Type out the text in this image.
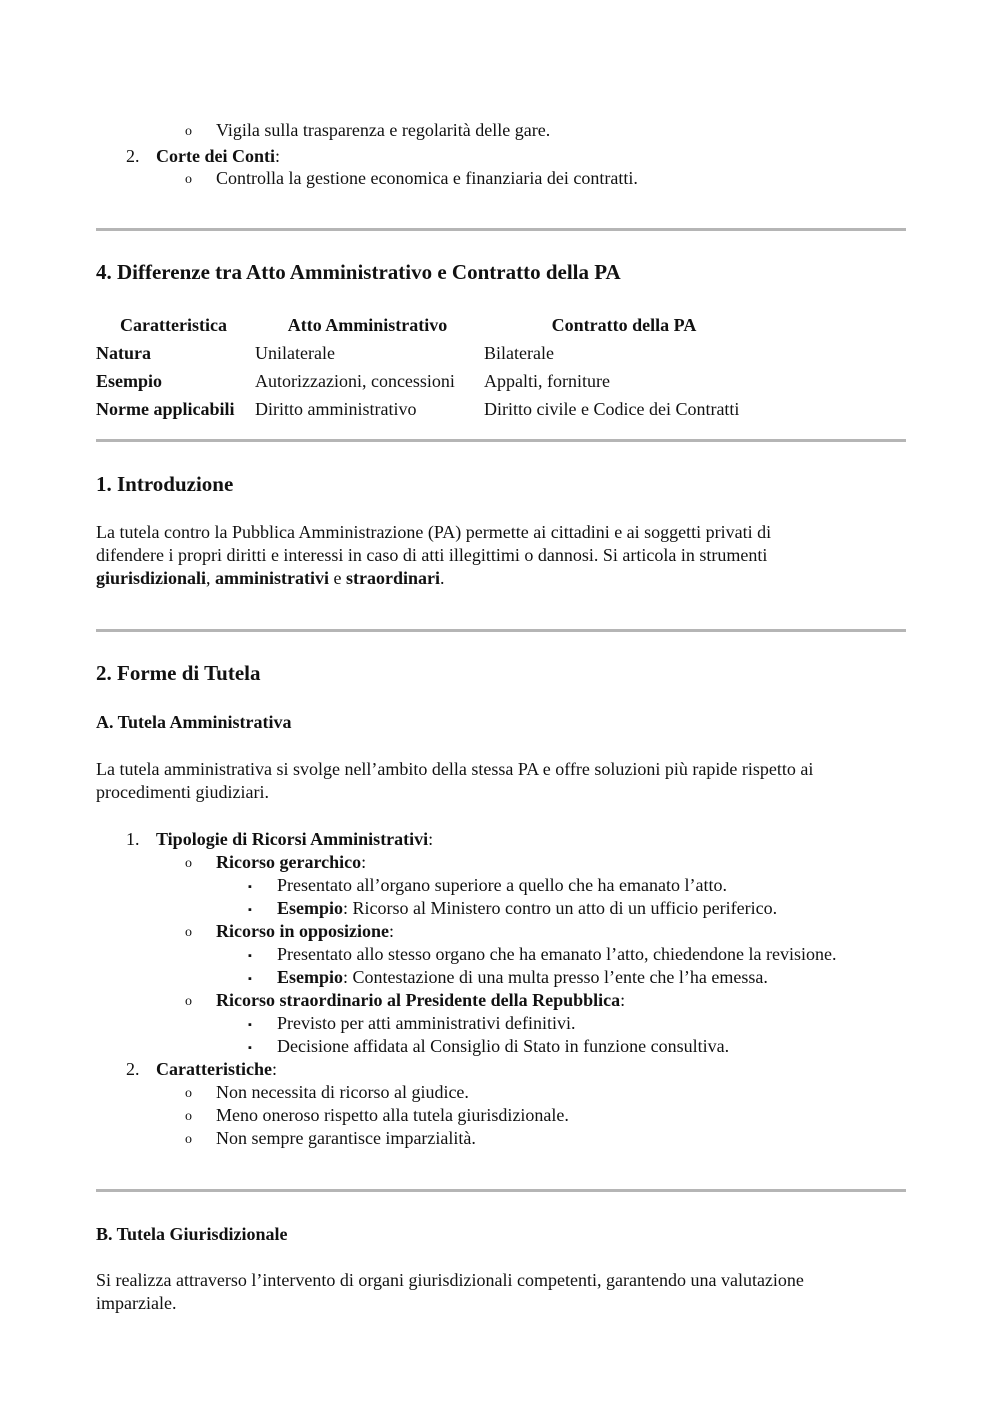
o Vigila sulla trasparenza e regolarità delle gare.
2. Corte dei Conti:
o Controlla la gestione economica e finanziaria dei contratti.
4. Differenze tra Atto Amministrativo e Contratto della PA
Caratteristica	Atto Amministrativo	Contratto della PA
Natura	Unilaterale	Bilaterale
Esempio	Autorizzazioni, concessioni	Appalti, forniture
Norme applicabili	Diritto amministrativo	Diritto civile e Codice dei Contratti
1. Introduzione
La tutela contro la Pubblica Amministrazione (PA) permette ai cittadini e ai soggetti privati di
difendere i propri diritti e interessi in caso di atti illegittimi o dannosi. Si articola in strumenti
giurisdizionali, amministrativi e straordinari.
2. Forme di Tutela
A. Tutela Amministrativa
La tutela amministrativa si svolge nell’ambito della stessa PA e offre soluzioni più rapide rispetto ai
procedimenti giudiziari.
1. Tipologie di Ricorsi Amministrativi:
o Ricorso gerarchico:
▪ Presentato all’organo superiore a quello che ha emanato l’atto.
▪ Esempio: Ricorso al Ministero contro un atto di un ufficio periferico.
o Ricorso in opposizione:
▪ Presentato allo stesso organo che ha emanato l’atto, chiedendone la revisione.
▪ Esempio: Contestazione di una multa presso l’ente che l’ha emessa.
o Ricorso straordinario al Presidente della Repubblica:
▪ Previsto per atti amministrativi definitivi.
▪ Decisione affidata al Consiglio di Stato in funzione consultiva.
2. Caratteristiche:
o Non necessita di ricorso al giudice.
o Meno oneroso rispetto alla tutela giurisdizionale.
o Non sempre garantisce imparzialità.
B. Tutela Giurisdizionale
Si realizza attraverso l’intervento di organi giurisdizionali competenti, garantendo una valutazione
imparziale.
